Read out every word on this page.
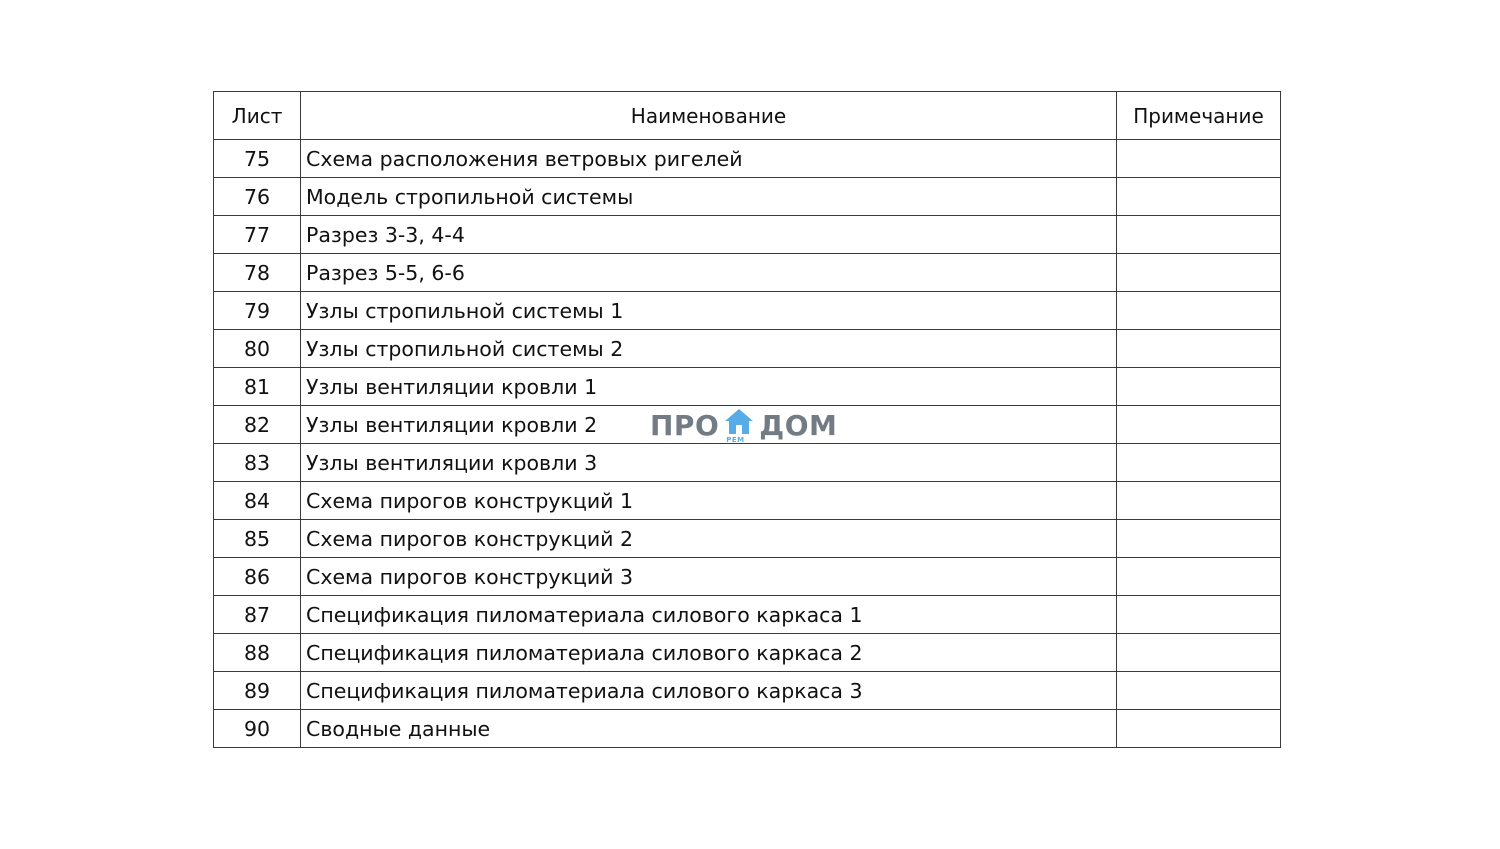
Лист	Наименование	Примечание
75	Схема расположения ветровых ригелей	
76	Модель стропильной системы	
77	Разрез 3-3, 4-4	
78	Разрез 5-5, 6-6	
79	Узлы стропильной системы 1	
80	Узлы стропильной системы 2	
81	Узлы вентиляции кровли 1	
82	Узлы вентиляции кровли 2	
83	Узлы вентиляции кровли 3	
84	Схема пирогов конструкций 1	
85	Схема пирогов конструкций 2	
86	Схема пирогов конструкций 3	
87	Спецификация пиломатериала силового каркаса 1	
88	Спецификация пиломатериала силового каркаса 2	
89	Спецификация пиломатериала силового каркаса 3	
90	Сводные данные	
ПРО РЕМ ДОМ
